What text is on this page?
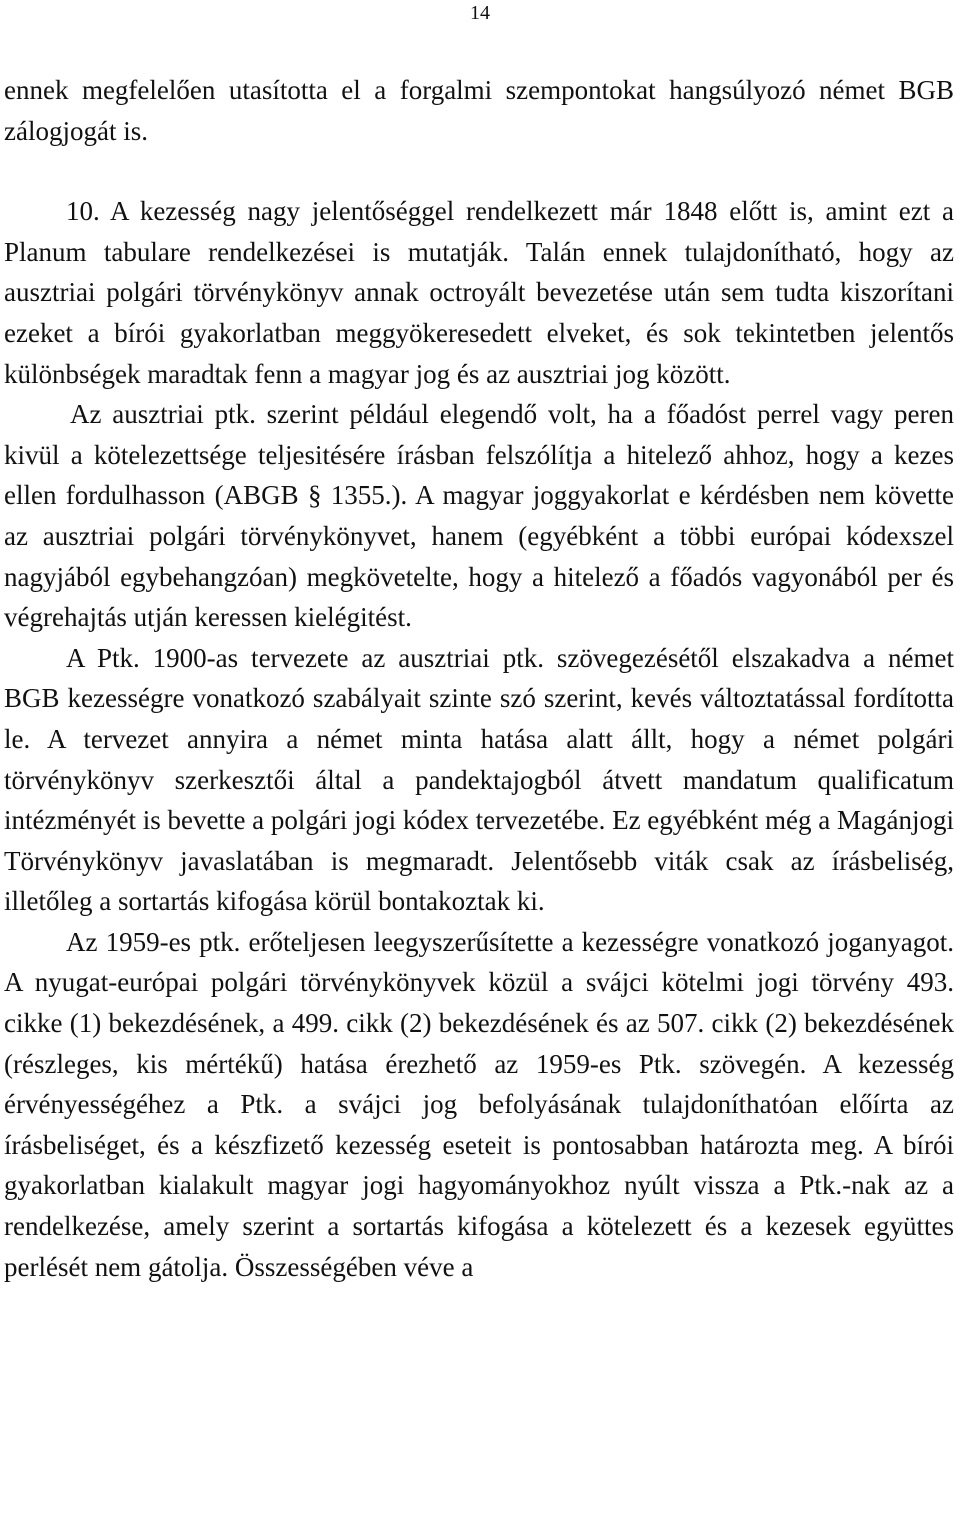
14

ennek megfelelően utasította el a forgalmi szempontokat hangsúlyozó német BGB zálogjogát is.

10. A kezesség nagy jelentőséggel rendelkezett már 1848 előtt is, amint ezt a Planum tabulare rendelkezései is mutatják. Talán ennek tulajdonítható, hogy az ausztriai polgári törvénykönyv annak octroyált bevezetése után sem tudta kiszorítani ezeket a bírói gyakorlatban meggyökeresedett elveket, és sok tekintetben jelentős különbségek maradtak fenn a magyar jog és az ausztriai jog között.

Az ausztriai ptk. szerint például elegendő volt, ha a főadóst perrel vagy peren kivül a kötelezettsége teljesitésére írásban felszólítja a hitelező ahhoz, hogy a kezes ellen fordulhasson (ABGB § 1355.). A magyar joggyakorlat e kérdésben nem követte az ausztriai polgári törvénykönyvet, hanem (egyébként a többi európai kódexszel nagyjából egybehangzóan) megkövetelte, hogy a hitelező a főadós vagyonából per és végrehajtás utján keressen kielégitést.

A Ptk. 1900-as tervezete az ausztriai ptk. szövegezésétől elszakadva a német BGB kezességre vonatkozó szabályait szinte szó szerint, kevés változtatással fordította le. A tervezet annyira a német minta hatása alatt állt, hogy a német polgári törvénykönyv szerkesztői által a pandektajogból átvett mandatum qualificatum intézményét is bevette a polgári jogi kódex tervezetébe. Ez egyébként még a Magánjogi Törvénykönyv javaslatában is megmaradt. Jelentősebb viták csak az írásbeliség, illetőleg a sortartás kifogása körül bontakoztak ki.

Az 1959-es ptk. erőteljesen leegyszerűsítette a kezességre vonatkozó joganyagot. A nyugat-európai polgári törvénykönyvek közül a svájci kötelmi jogi törvény 493. cikke (1) bekezdésének, a 499. cikk (2) bekezdésének és az 507. cikk (2) bekezdésének (részleges, kis mértékű) hatása érezhető az 1959-es Ptk. szövegén. A kezesség érvényességéhez a Ptk. a svájci jog befolyásának tulajdoníthatóan előírta az írásbeliséget, és a készfizető kezesség eseteit is pontosabban határozta meg. A bírói gyakorlatban kialakult magyar jogi hagyományokhoz nyúlt vissza a Ptk.-nak az a rendelkezése, amely szerint a sortartás kifogása a kötelezett és a kezesek együttes perlését nem gátolja. Összességében véve a
